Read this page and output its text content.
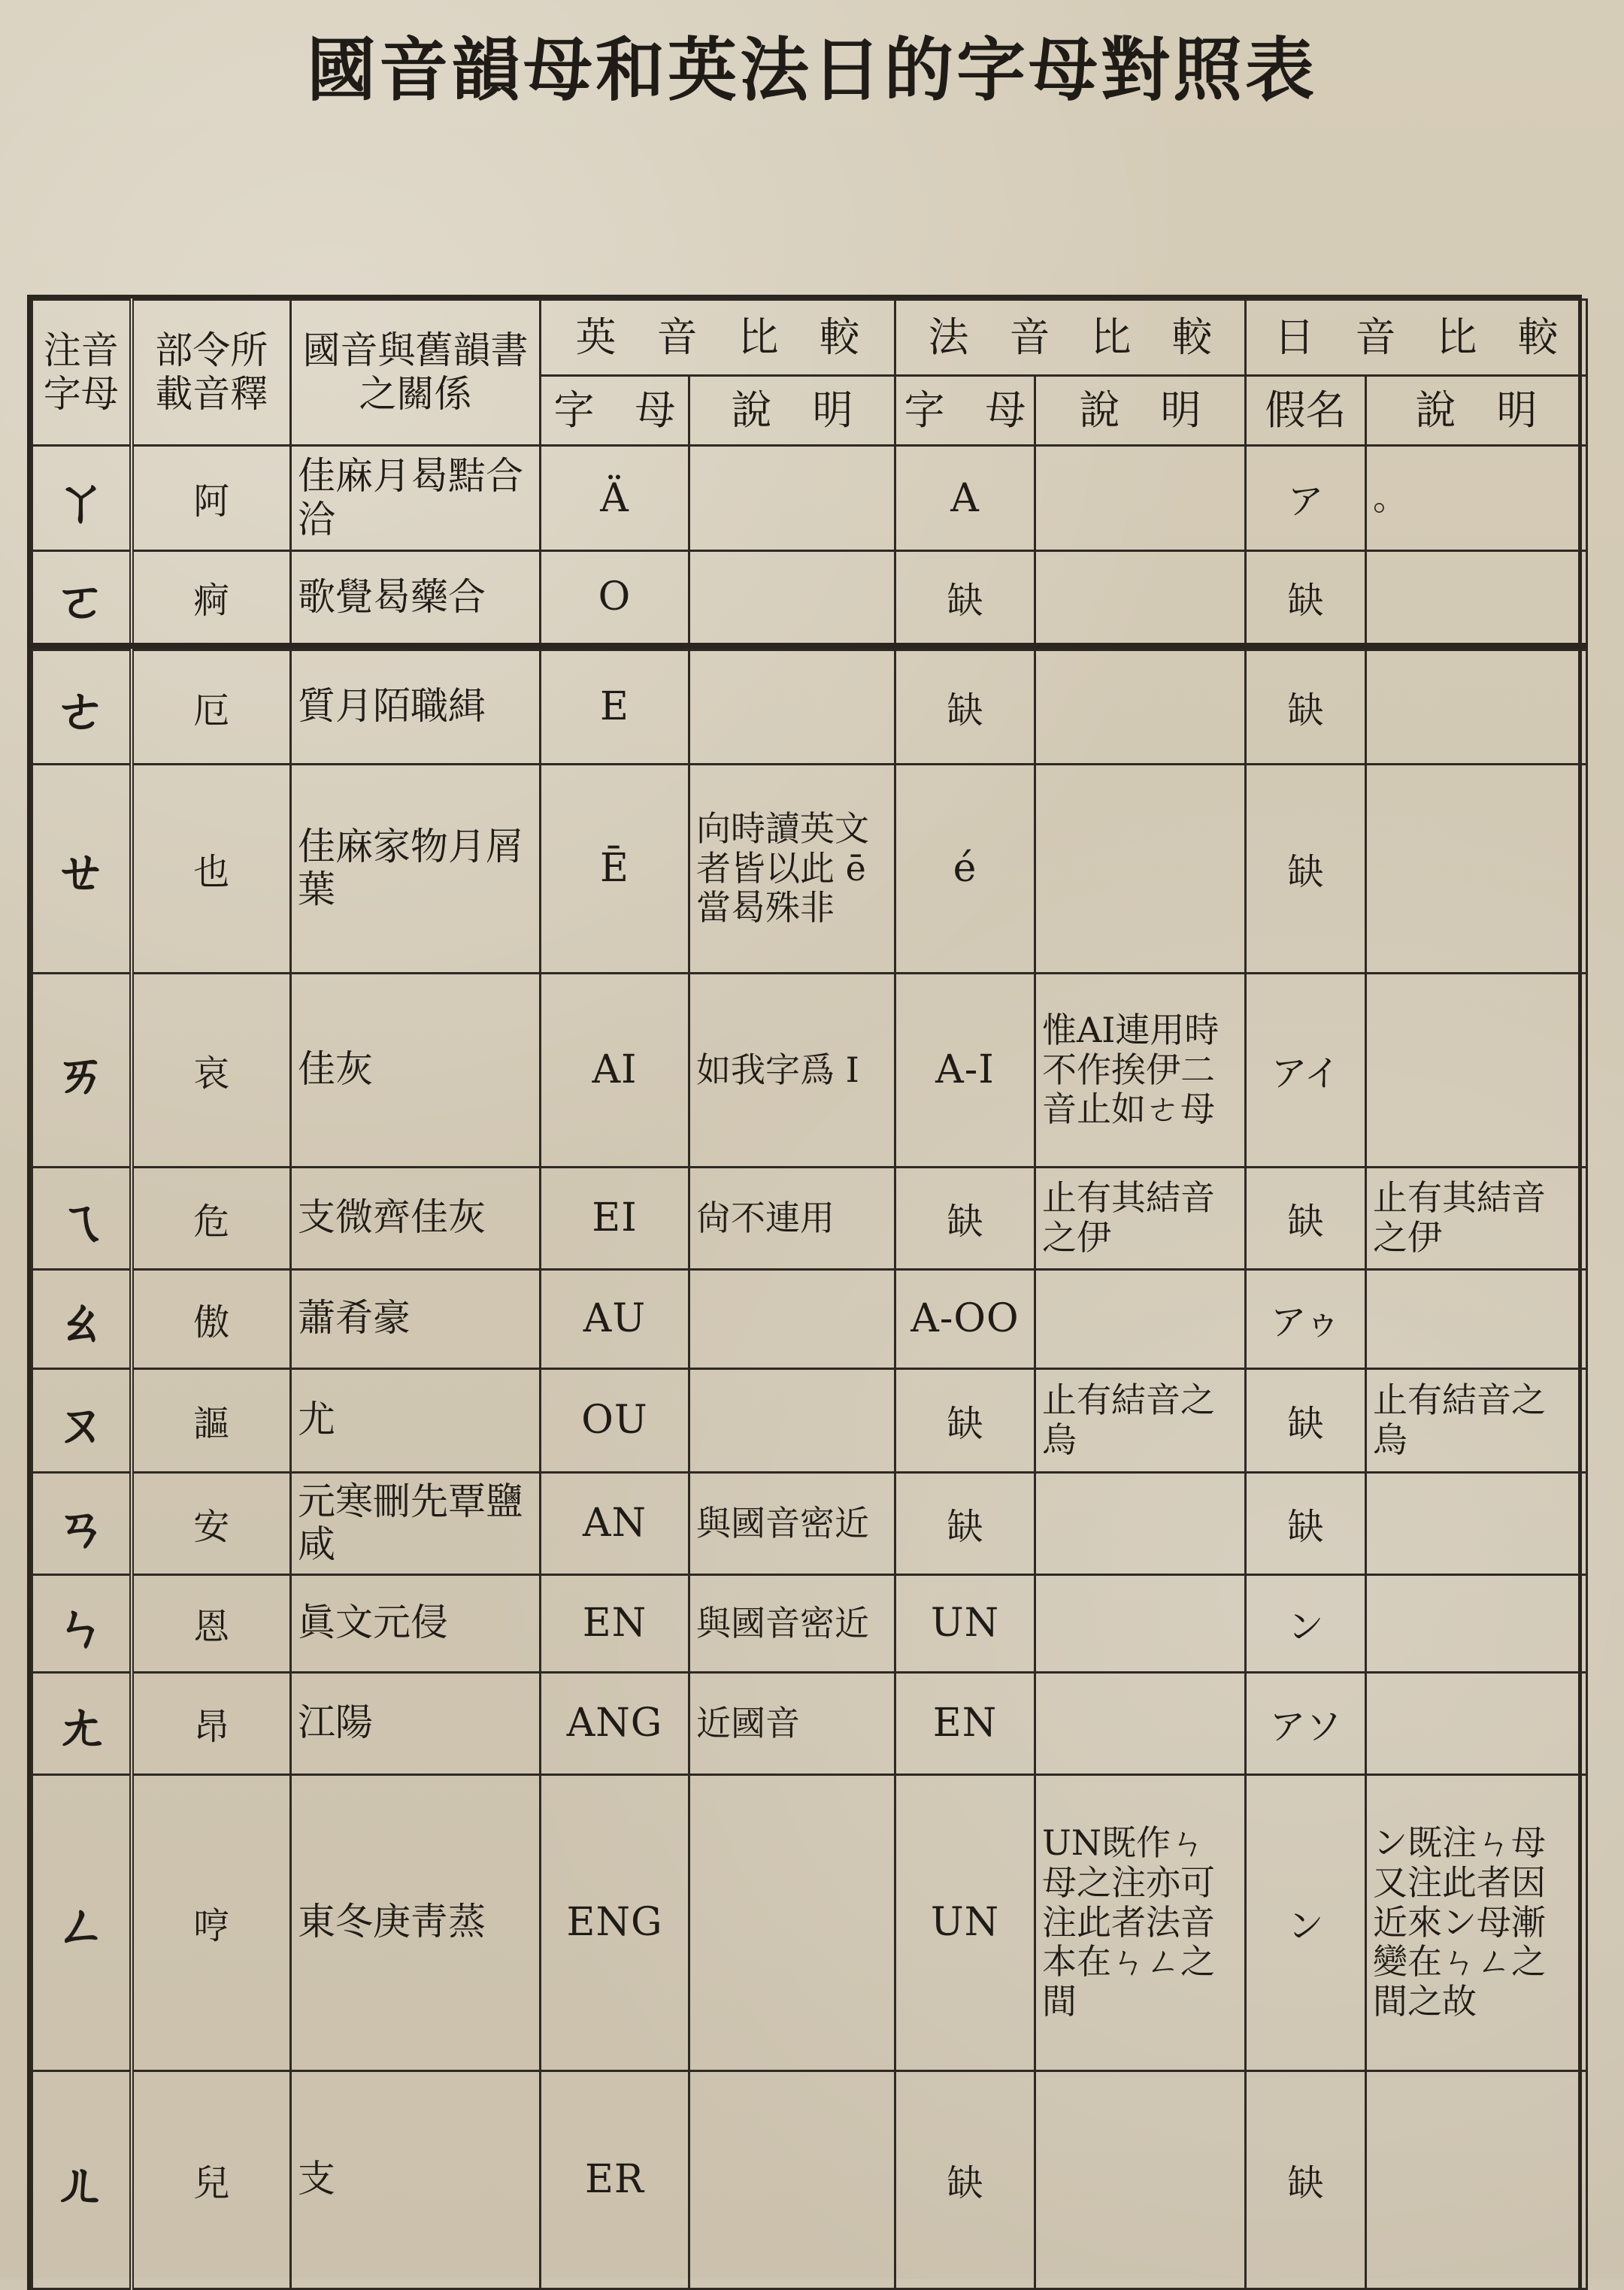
國音韻母和英法日的字母對照表
注音字母	部令所載音釋	國音與舊韻書之關係	英　音　比　較		法　音　比　較		日　音　比　較	
			字　母	說　明	字　母	說　明	假名	說　明
ㄚ	阿	佳麻月曷黠合洽	Ä		A		ア	。
ㄛ	痾	歌覺曷藥合	O		缺		缺	

ㄜ	厄	質月陌職緝	E		缺		缺	
ㄝ	也	佳麻家物月屑葉	Ē	向時讀英文者皆以此 ē 當曷殊非	é		缺	
ㄞ	哀	佳灰	AI	如我字爲 I	A-I	惟AI連用時不作挨伊二音止如ㄜ母	アイ	
ㄟ	危	支微齊佳灰	EI	尙不連用	缺	止有其結音之伊	缺	止有其結音之伊
ㄠ	傲	蕭肴豪	AU		A-OO		アゥ	
ㄡ	謳	尤	OU		缺	止有結音之烏	缺	止有結音之烏
ㄢ	安	元寒刪先覃鹽咸	AN	與國音密近	缺		缺	
ㄣ	恩	眞文元侵	EN	與國音密近	UN		ン	
ㄤ	昂	江陽	ANG	近國音	EN		アソ	
ㄥ	哼	東冬庚靑蒸	ENG		UN	UN既作ㄣ母之注亦可注此者法音本在ㄣㄥ之間	ン	ン既注ㄣ母又注此者因近來ン母漸變在ㄣㄥ之間之故
ㄦ	兒	支	ER		缺		缺	
